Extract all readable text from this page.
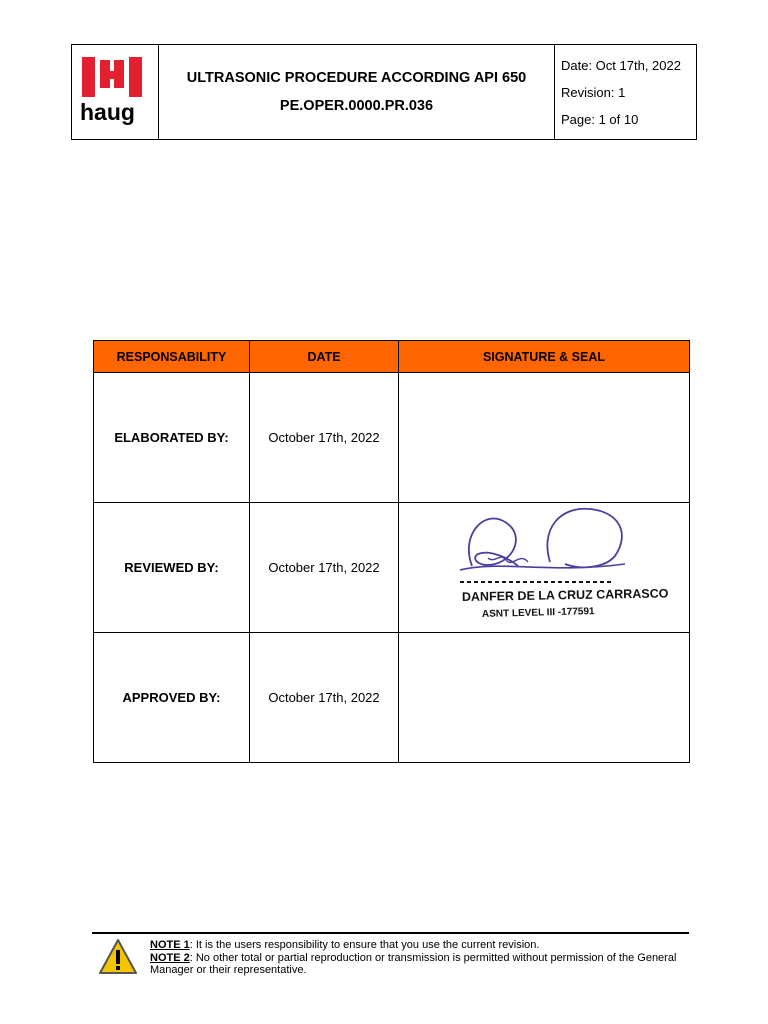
haug
ULTRASONIC PROCEDURE ACCORDING API 650
PE.OPER.0000.PR.036
Date: Oct 17th, 2022
Revision: 1
Page: 1 of 10
RESPONSABILITY	DATE	SIGNATURE & SEAL
ELABORATED BY:	October 17th, 2022	
REVIEWED BY:	October 17th, 2022	DANFER DE LA CRUZ CARRASCO
ASNT LEVEL III -177591

APPROVED BY:	October 17th, 2022	
NOTE 1: It is the users responsibility to ensure that you use the current revision.
NOTE 2: No other total or partial reproduction or transmission is permitted without permission of the General Manager or their representative.
